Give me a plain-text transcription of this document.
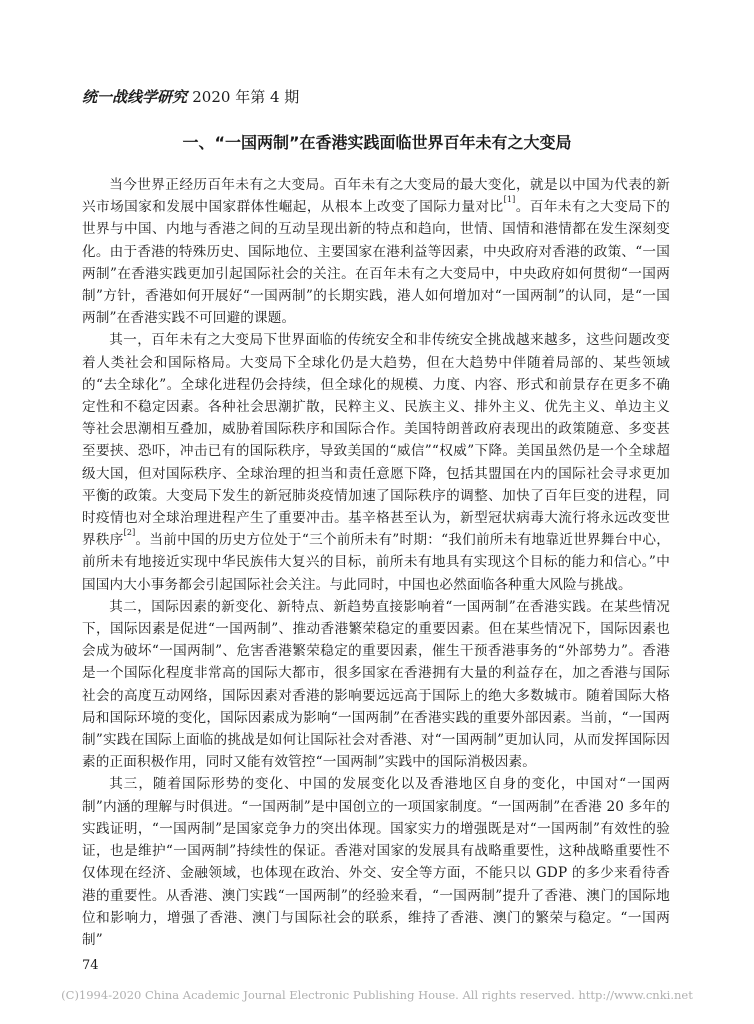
统一战线学研究 2020 年第 4 期
一、“一国两制”在香港实践面临世界百年未有之大变局

当今世界正经历百年未有之大变局。百年未有之大变局的最大变化，就是以中国为代表的新兴市场国家和发展中国家群体性崛起，从根本上改变了国际力量对比[1]。百年未有之大变局下的世界与中国、内地与香港之间的互动呈现出新的特点和趋向，世情、国情和港情都在发生深刻变化。由于香港的特殊历史、国际地位、主要国家在港利益等因素，中央政府对香港的政策、“一国两制”在香港实践更加引起国际社会的关注。在百年未有之大变局中，中央政府如何贯彻“一国两制”方针，香港如何开展好“一国两制”的长期实践，港人如何增加对“一国两制”的认同，是“一国两制”在香港实践不可回避的课题。

其一，百年未有之大变局下世界面临的传统安全和非传统安全挑战越来越多，这些问题改变着人类社会和国际格局。大变局下全球化仍是大趋势，但在大趋势中伴随着局部的、某些领域的“去全球化”。全球化进程仍会持续，但全球化的规模、力度、内容、形式和前景存在更多不确定性和不稳定因素。各种社会思潮扩散，民粹主义、民族主义、排外主义、优先主义、单边主义等社会思潮相互叠加，威胁着国际秩序和国际合作。美国特朗普政府表现出的政策随意、多变甚至要挟、恐吓，冲击已有的国际秩序，导致美国的“威信”“权威”下降。美国虽然仍是一个全球超级大国，但对国际秩序、全球治理的担当和责任意愿下降，包括其盟国在内的国际社会寻求更加平衡的政策。大变局下发生的新冠肺炎疫情加速了国际秩序的调整、加快了百年巨变的进程，同时疫情也对全球治理进程产生了重要冲击。基辛格甚至认为，新型冠状病毒大流行将永远改变世界秩序[2]。当前中国的历史方位处于“三个前所未有”时期：“我们前所未有地靠近世界舞台中心，前所未有地接近实现中华民族伟大复兴的目标，前所未有地具有实现这个目标的能力和信心。”中国国内大小事务都会引起国际社会关注。与此同时，中国也必然面临各种重大风险与挑战。

其二，国际因素的新变化、新特点、新趋势直接影响着“一国两制”在香港实践。在某些情况下，国际因素是促进“一国两制”、推动香港繁荣稳定的重要因素。但在某些情况下，国际因素也会成为破坏“一国两制”、危害香港繁荣稳定的重要因素，催生干预香港事务的“外部势力”。香港是一个国际化程度非常高的国际大都市，很多国家在香港拥有大量的利益存在，加之香港与国际社会的高度互动网络，国际因素对香港的影响要远远高于国际上的绝大多数城市。随着国际大格局和国际环境的变化，国际因素成为影响“一国两制”在香港实践的重要外部因素。当前，“一国两制”实践在国际上面临的挑战是如何让国际社会对香港、对“一国两制”更加认同，从而发挥国际因素的正面积极作用，同时又能有效管控“一国两制”实践中的国际消极因素。

其三，随着国际形势的变化、中国的发展变化以及香港地区自身的变化，中国对“一国两制”内涵的理解与时俱进。“一国两制”是中国创立的一项国家制度。“一国两制”在香港 20 多年的实践证明，“一国两制”是国家竞争力的突出体现。国家实力的增强既是对“一国两制”有效性的验证，也是维护“一国两制”持续性的保证。香港对国家的发展具有战略重要性，这种战略重要性不仅体现在经济、金融领域，也体现在政治、外交、安全等方面，不能只以 GDP 的多少来看待香港的重要性。从香港、澳门实践“一国两制”的经验来看，“一国两制”提升了香港、澳门的国际地位和影响力，增强了香港、澳门与国际社会的联系，维持了香港、澳门的繁荣与稳定。“一国两制”

74
(C)1994-2020 China Academic Journal Electronic Publishing House. All rights reserved. http://www.cnki.net
